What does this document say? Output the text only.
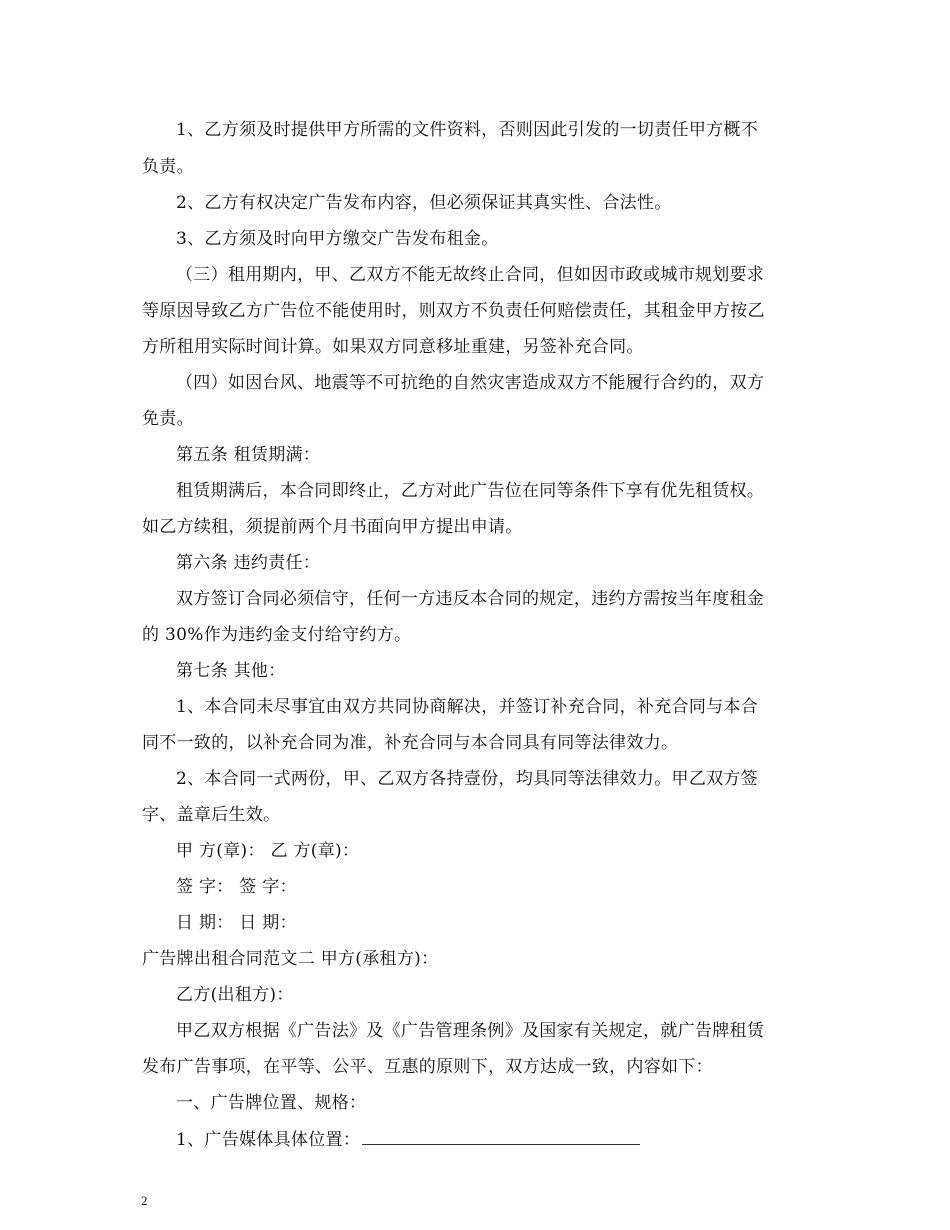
1、乙方须及时提供甲方所需的文件资料，否则因此引发的一切责任甲方概不
负责。
2、乙方有权决定广告发布内容，但必须保证其真实性、合法性。
3、乙方须及时向甲方缴交广告发布租金。
（三）租用期内，甲、乙双方不能无故终止合同，但如因市政或城市规划要求
等原因导致乙方广告位不能使用时，则双方不负责任何赔偿责任，其租金甲方按乙
方所租用实际时间计算。如果双方同意移址重建，另签补充合同。
（四）如因台风、地震等不可抗绝的自然灾害造成双方不能履行合约的，双方
免责。
第五条 租赁期满：
租赁期满后，本合同即终止，乙方对此广告位在同等条件下享有优先租赁权。
如乙方续租，须提前两个月书面向甲方提出申请。
第六条 违约责任：
双方签订合同必须信守，任何一方违反本合同的规定，违约方需按当年度租金
的 30%作为违约金支付给守约方。
第七条 其他：
1、本合同未尽事宜由双方共同协商解决，并签订补充合同，补充合同与本合
同不一致的，以补充合同为准，补充合同与本合同具有同等法律效力。
2、本合同一式两份，甲、乙双方各持壹份，均具同等法律效力。甲乙双方签
字、盖章后生效。
甲 方(章)： 乙 方(章)：
签 字： 签 字：
日 期： 日 期：
广告牌出租合同范文二 甲方(承租方)：
乙方(出租方)：
甲乙双方根据《广告法》及《广告管理条例》及国家有关规定，就广告牌租赁
发布广告事项，在平等、公平、互惠的原则下，双方达成一致，内容如下：
一、广告牌位置、规格：
1、广告媒体具体位置：
2
